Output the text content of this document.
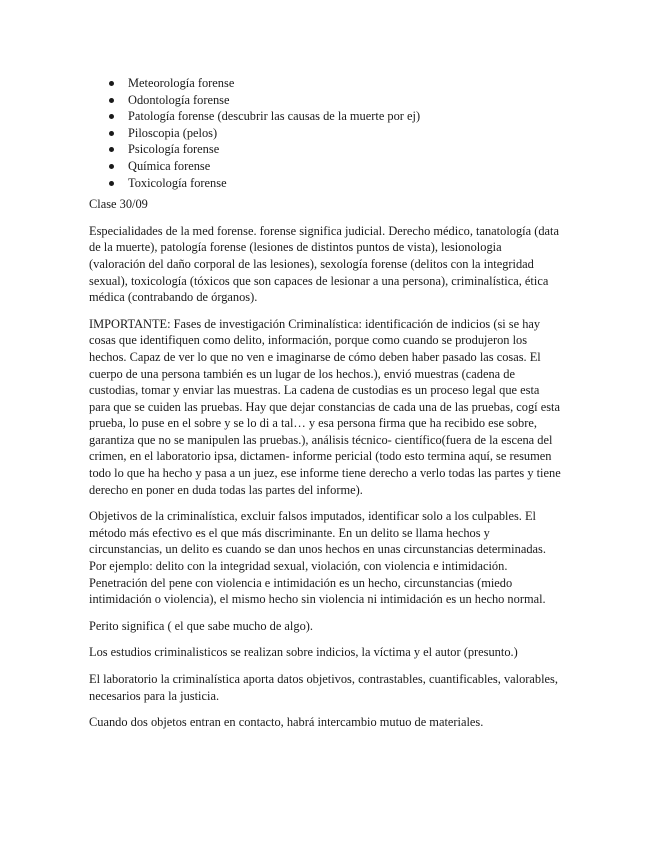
Meteorología forense
Odontología forense
Patología forense (descubrir las causas de la muerte por ej)
Piloscopia (pelos)
Psicología forense
Química forense
Toxicología forense

Clase 30/09

Especialidades de la med forense. forense significa judicial. Derecho médico, tanatología (data de la muerte), patología forense (lesiones de distintos puntos de vista), lesionologia (valoración del daño corporal de las lesiones), sexología forense (delitos con la integridad sexual), toxicología (tóxicos que son capaces de lesionar a una persona), criminalística, ética médica (contrabando de órganos).

IMPORTANTE: Fases de investigación Criminalística: identificación de indicios (si se hay cosas que identifiquen como delito, información, porque como cuando se produjeron los hechos. Capaz de ver lo que no ven e imaginarse de cómo deben haber pasado las cosas. El cuerpo de una persona también es un lugar de los hechos.), envió muestras (cadena de custodias, tomar y enviar las muestras. La cadena de custodias es un proceso legal que esta para que se cuiden las pruebas. Hay que dejar constancias de cada una de las pruebas, cogí esta prueba, lo puse en el sobre y se lo di a tal… y esa persona firma que ha recibido ese sobre, garantiza que no se manipulen las pruebas.), análisis técnico- científico(fuera de la escena del crimen, en el laboratorio ipsa, dictamen- informe pericial (todo esto termina aquí, se resumen todo lo que ha hecho y pasa a un juez, ese informe tiene derecho a verlo todas las partes y tiene derecho en poner en duda todas las partes del informe).

Objetivos de la criminalística, excluir falsos imputados, identificar solo a los culpables. El método más efectivo es el que más discriminante. En un delito se llama hechos y circunstancias, un delito es cuando se dan unos hechos en unas circunstancias determinadas. Por ejemplo: delito con la integridad sexual, violación, con violencia e intimidación. Penetración del pene con violencia e intimidación es un hecho, circunstancias (miedo intimidación o violencia), el mismo hecho sin violencia ni intimidación es un hecho normal.

Perito significa ( el que sabe mucho de algo).

Los estudios criminalisticos se realizan sobre indicios, la víctima y el autor (presunto.)

El laboratorio la criminalística aporta datos objetivos, contrastables, cuantificables, valorables, necesarios para la justicia.

Cuando dos objetos entran en contacto, habrá intercambio mutuo de materiales.
